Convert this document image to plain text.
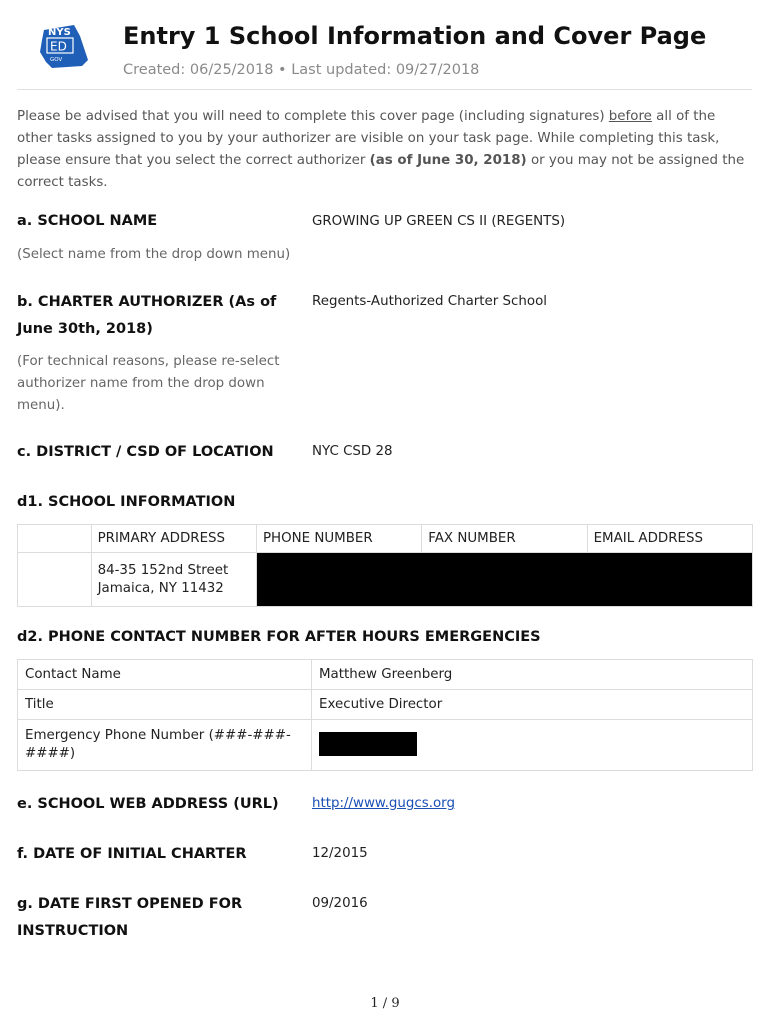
NYS
ED
GOV
Entry 1 School Information and Cover Page
Created: 06/25/2018 • Last updated: 09/27/2018

Please be advised that you will need to complete this cover page (including signatures) before all of the other tasks assigned to you by your authorizer are visible on your task page. While completing this task, please ensure that you select the correct authorizer (as of June 30, 2018) or you may not be assigned the correct tasks.

a. SCHOOL NAME	GROWING UP GREEN CS II (REGENTS)
(Select name from the drop down menu)
b. CHARTER AUTHORIZER (As of June 30th, 2018)
Regents-Authorized Charter School
(For technical reasons, please re-select authorizer name from the drop down menu).
c. DISTRICT / CSD OF LOCATION	NYC CSD 28
d1. SCHOOL INFORMATION
	PRIMARY ADDRESS	PHONE NUMBER	FAX NUMBER	EMAIL ADDRESS
	84-35 152nd Street
Jamaica, NY 11432			
d2. PHONE CONTACT NUMBER FOR AFTER HOURS EMERGENCIES
Contact Name	Matthew Greenberg
Title	Executive Director
Emergency Phone Number (###-###-####)	
e. SCHOOL WEB ADDRESS (URL) http://www.gugcs.org
f. DATE OF INITIAL CHARTER	12/2015
g. DATE FIRST OPENED FOR INSTRUCTION
09/2016
1 / 9
